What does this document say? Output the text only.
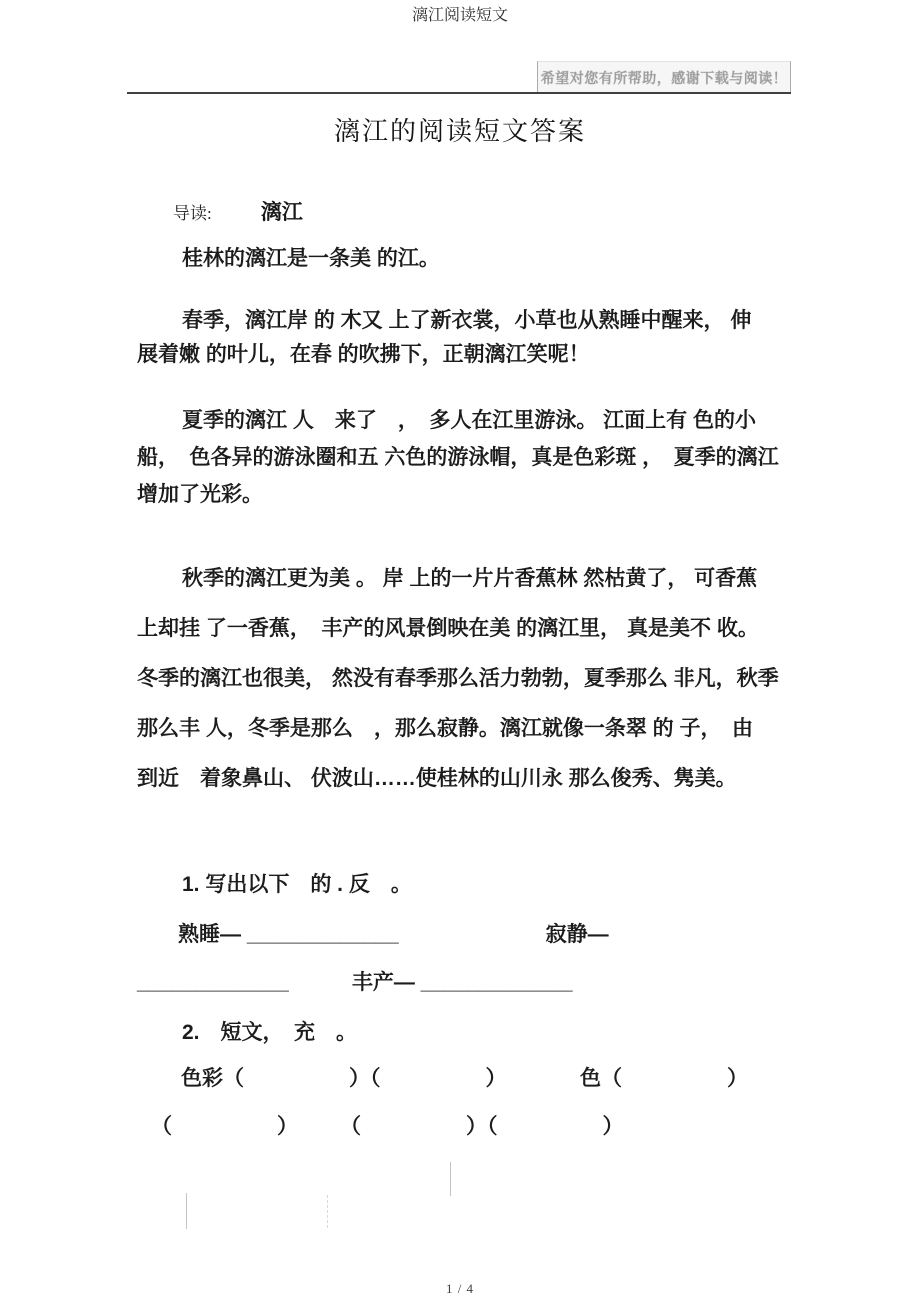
漓江阅读短文
希望对您有所帮助，感谢下载与阅读！
漓江的阅读短文答案
导读: 漓江
桂林的漓江是一条美 的江。
春季，漓江岸 的 木又 上了新衣裳，小草也从熟睡中醒来， 伸
展着嫩 的叶儿，在春 的吹拂下，正朝漓江笑呢！
夏季的漓江 人　来了　，　多人在江里游泳。 江面上有 色的小
船，　色各异的游泳圈和五 六色的游泳帽，真是色彩斑 ，　夏季的漓江
增加了光彩。
秋季的漓江更为美 。 岸 上的一片片香蕉林 然枯黄了， 可香蕉
上却挂 了一香蕉，　丰产的风景倒映在美 的漓江里， 真是美不 收。
冬季的漓江也很美， 然没有春季那么活力勃勃，夏季那么 非凡，秋季
那么丰 人，冬季是那么　，那么寂静。漓江就像一条翠 的 子，　由
到近　着象鼻山、 伏波山……使桂林的山川永 那么俊秀、隽美。
1. 写出以下　的 . 反　。
熟睡— _____________　　　　　　　寂静—
_____________　　　丰产— _____________
2.　短文，　充　。
色彩（　　　　　）（　　　　　）　　　　色（　　　　　）
（　　　　　）　　　（　　　　　）（　　　　　）
1 / 4
